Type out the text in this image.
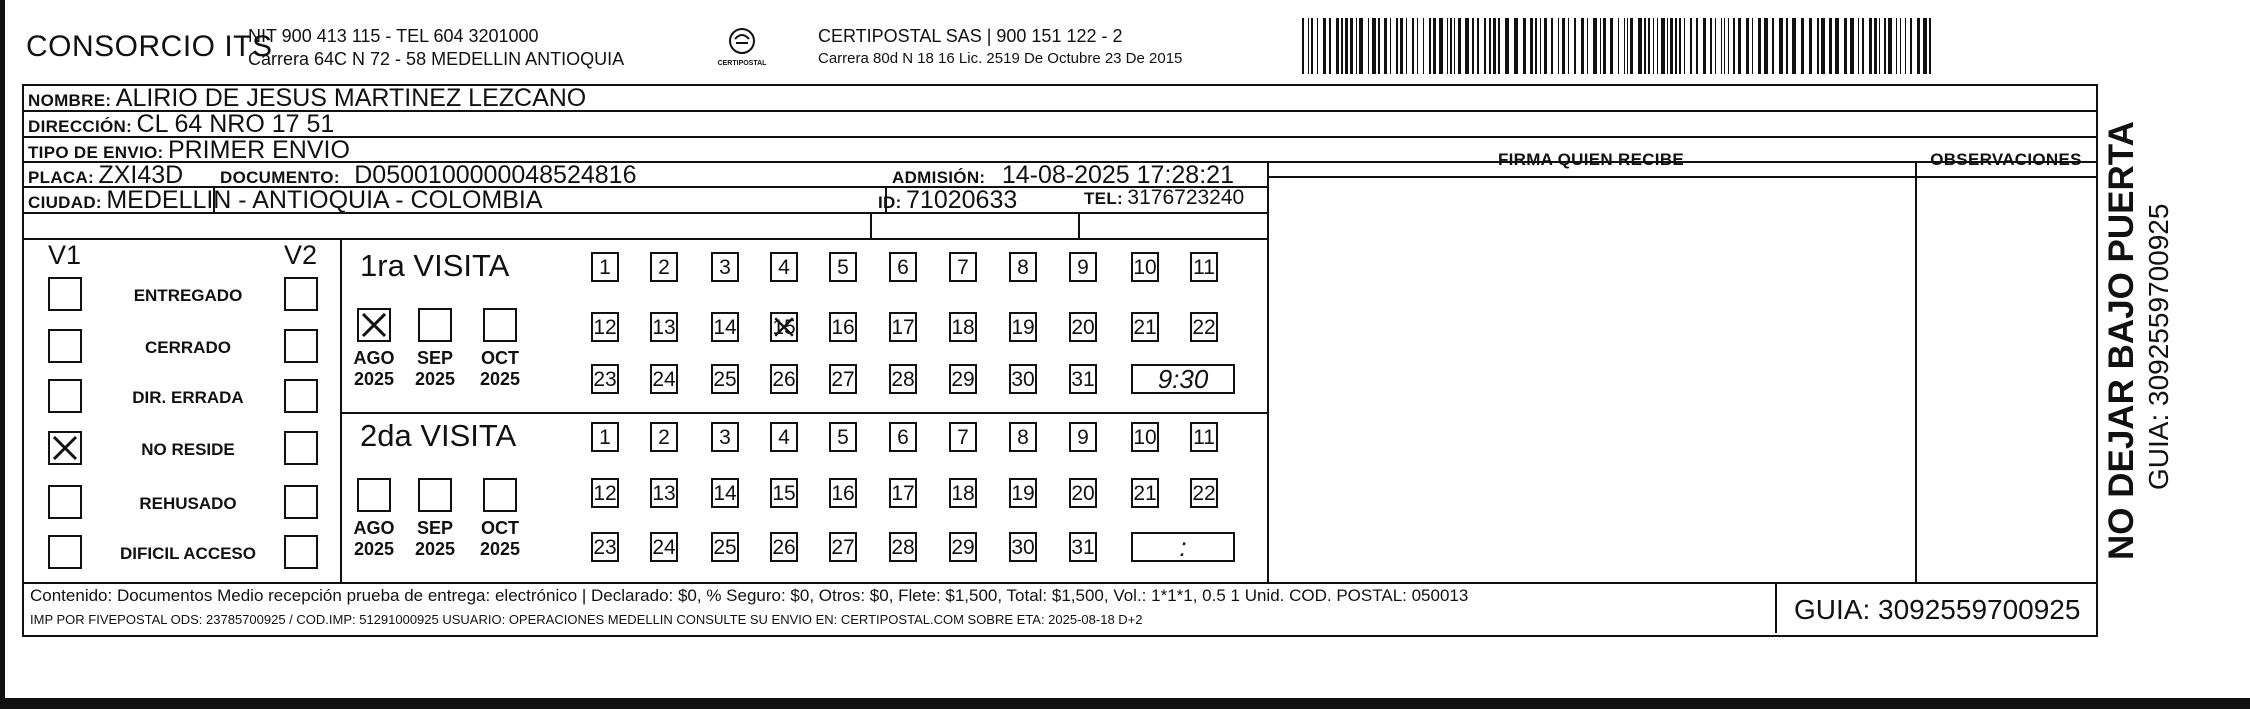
CONSORCIO ITS
NIT 900 413 115 - TEL 604 3201000
Carrera 64C N 72 - 58 MEDELLIN ANTIOQUIA	CERTIPOSTAL
CERTIPOSTAL SAS | 900 151 122 - 2
Carrera 80d N 18 16 Lic. 2519 De Octubre 23 De 2015
NOMBRE: ALIRIO DE JESUS MARTINEZ LEZCANO
DIRECCIÓN: CL 64 NRO 17 51
TIPO DE ENVIO: PRIMER ENVIO
PLACA: ZXI43D DOCUMENTO: D0500100000048524816	ADMISIÓN: 14-08-2025 17:28:21
CIUDAD: MEDELLIN - ANTIOQUIA - COLOMBIA	ID: 71020633	TEL: 3176723240
FIRMA QUIEN RECIBE	OBSERVACIONES
V1	V2
ENTREGADO
CERRADO
DIR. ERRADA
NO RESIDE
REHUSADO
DIFICIL ACCESO
1ra VISITA
AGO
2025
SEP
2025
OCT
2025
1	2	3	4	5	6	7	8	9	10 11
12 13 14 15 16 17 18 19 20 21 22
23 24 25 26 27 28 29 30 31	9:30
2da VISITA
AGO
2025
SEP
2025
OCT
2025
1	2	3	4	5	6	7	8	9	10 11
12 13 14 15 16 17 18 19 20 21 22
23 24 25 26 27 28 29 30 31	:
Contenido: Documentos Medio recepción prueba de entrega: electrónico | Declarado: $0, % Seguro: $0, Otros: $0, Flete: $1,500, Total: $1,500, Vol.: 1*1*1, 0.5 1 Unid. COD. POSTAL: 050013
IMP POR FIVEPOSTAL ODS: 23785700925 / COD.IMP: 51291000925 USUARIO: OPERACIONES MEDELLIN CONSULTE SU ENVIO EN: CERTIPOSTAL.COM SOBRE ETA: 2025-08-18 D+2	GUIA: 3092559700925
NO DEJAR BAJO PUERTA GUIA: 3092559700925
